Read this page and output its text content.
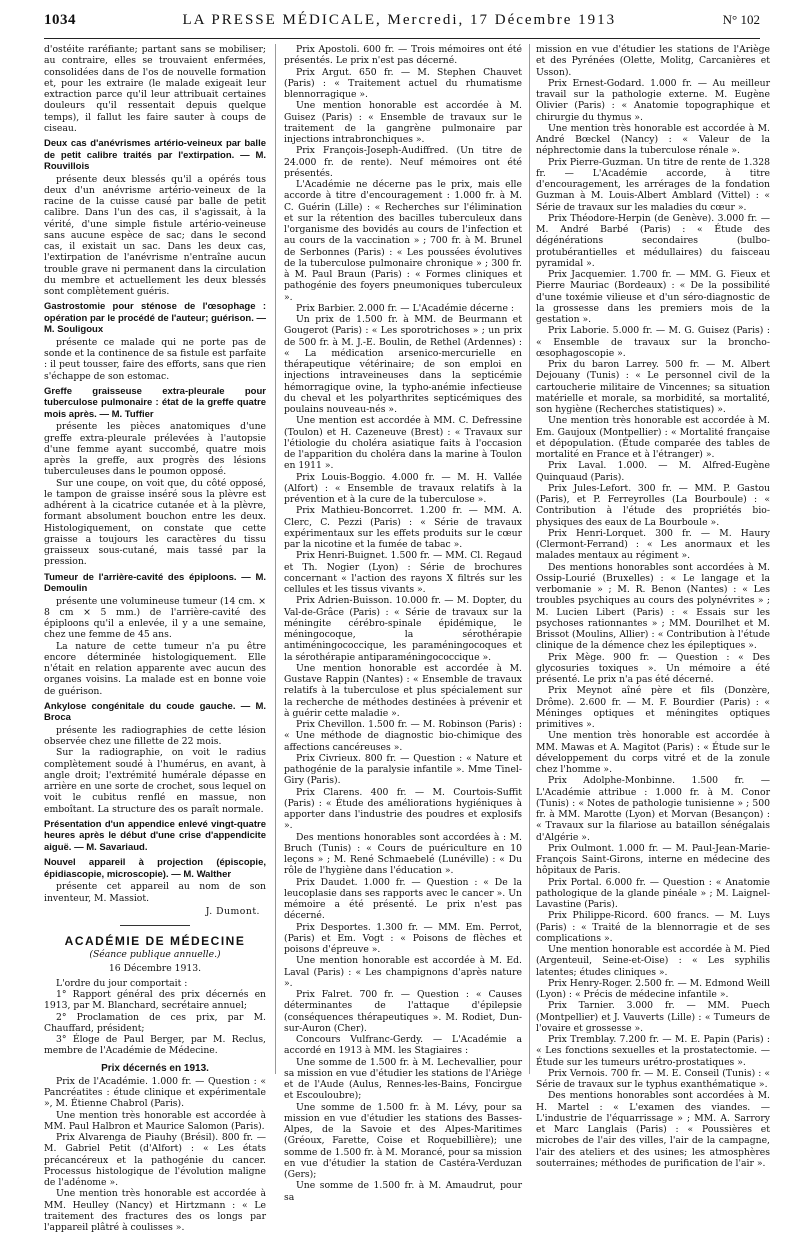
1034	LA PRESSE MÉDICALE, Mercredi, 17 Décembre 1913	N° 102

d'ostéite raréfiante; partant sans se mobiliser; au contraire, elles se trouvaient enfermées, consolidées dans de l'os de nouvelle formation et, pour les extraire (le malade exigeait leur extraction parce qu'il leur attribuait certaines douleurs qu'il ressentait depuis quelque temps), il fallut les faire sauter à coups de ciseau.

Deux cas d'anévrismes artério-veineux par balle de petit calibre traités par l'extirpation. — M. Rouvillois

présente deux blessés qu'il a opérés tous deux d'un anévrisme artério-veineux de la racine de la cuisse causé par balle de petit calibre. Dans l'un des cas, il s'agissait, à la vérité, d'une simple fistule artério-veineuse sans aucune espèce de sac; dans le second cas, il existait un sac. Dans les deux cas, l'extirpation de l'anévrisme n'entraîne aucun trouble grave ni permanent dans la circulation du membre et actuellement les deux blessés sont complètement guéris.

Gastrostomie pour sténose de l'œsophage : opération par le procédé de l'auteur; guérison. — M. Souligoux

présente ce malade qui ne porte pas de sonde et la continence de sa fistule est parfaite : il peut tousser, faire des efforts, sans que rien s'échappe de son estomac.

Greffe graisseuse extra-pleurale pour tuberculose pulmonaire : état de la greffe quatre mois après. — M. Tuffier

présente les pièces anatomiques d'une greffe extra-pleurale prélevées à l'autopsie d'une femme ayant succombé, quatre mois après la greffe, aux progrès des lésions tuberculeuses dans le poumon opposé.

Sur une coupe, on voit que, du côté opposé, le tampon de graisse inséré sous la plèvre est adhérent à la cicatrice cutanée et à la plèvre, formant absolument bouchon entre les deux. Histologiquement, on constate que cette graisse a toujours les caractères du tissu graisseux sous-cutané, mais tassé par la pression.

Tumeur de l'arrière-cavité des épiploons. — M. Demoulin

présente une volumineuse tumeur (14 cm. × 8 cm × 5 mm.) de l'arrière-cavité des épiploons qu'il a enlevée, il y a une semaine, chez une femme de 45 ans.

La nature de cette tumeur n'a pu être encore déterminée histologiquement. Elle n'était en relation apparente avec aucun des organes voisins. La malade est en bonne voie de guérison.

Ankylose congénitale du coude gauche. — M. Broca

présente les radiographies de cette lésion observée chez une fillette de 22 mois.

Sur la radiographie, on voit le radius complètement soudé à l'humérus, en avant, à angle droit; l'extrémité humérale dépasse en arrière en une sorte de crochet, sous lequel on voit le cubitus renflé en massue, non emboîtant. La structure des os paraît normale.

Présentation d'un appendice enlevé vingt-quatre heures après le début d'une crise d'appendicite aiguë. — M. Savariaud.

Nouvel appareil à projection (épiscopie, épidiascopie, microscopie). — M. Walther

présente cet appareil au nom de son inventeur, M. Massiot.

J. Dumont.

ACADÉMIE DE MÉDECINE

(Séance publique annuelle.)

16 Décembre 1913.

L'ordre du jour comportait :

1° Rapport général des prix décernés en 1913, par M. Blanchard, secrétaire annuel;

2° Proclamation de ces prix, par M. Chauffard, président;

3° Éloge de Paul Berger, par M. Reclus, membre de l'Académie de Médecine.

Prix décernés en 1913.

Prix de l'Académie. 1.000 fr. — Question : « Pancréatites : étude clinique et expérimentale », M. Étienne Chabrol (Paris).

Une mention très honorable est accordée à MM. Paul Halbron et Maurice Salomon (Paris).

Prix Alvarenga de Piauhy (Brésil). 800 fr. — M. Gabriel Petit (d'Alfort) : « Les états précancéreux et la pathogénie du cancer. Processus histologique de l'évolution maligne de l'adénome ».

Une mention très honorable est accordée à MM. Heulley (Nancy) et Hirtzmann : « Le traitement des fractures des os longs par l'appareil plâtré à coulisses ».

Prix Apostoli. 600 fr. — Trois mémoires ont été présentés. Le prix n'est pas décerné.

Prix Argut. 650 fr. — M. Stephen Chauvet (Paris) : « Traitement actuel du rhumatisme blennorragique ».

Une mention honorable est accordée à M. Guisez (Paris) : « Ensemble de travaux sur le traitement de la gangrène pulmonaire par injections intrabronchiques ».

Prix François-Joseph-Audiffred. (Un titre de 24.000 fr. de rente). Neuf mémoires ont été présentés.

L'Académie ne décerne pas le prix, mais elle accorde à titre d'encouragement : 1.000 fr. à M. C. Guérin (Lille) : « Recherches sur l'élimination et sur la rétention des bacilles tuberculeux dans l'organisme des bovidés au cours de l'infection et au cours de la vaccination » ; 700 fr. à M. Brunel de Serbonnes (Paris) : « Les poussées évolutives de la tuberculose pulmonaire chronique » ; 300 fr. à M. Paul Braun (Paris) : « Formes cliniques et pathogénie des foyers pneumoniques tuberculeux ».

Prix Barbier. 2.000 fr. — L'Académie décerne :

Un prix de 1.500 fr. à MM. de Beurmann et Gougerot (Paris) : « Les sporotrichoses » ; un prix de 500 fr. à M. J.-E. Boulin, de Rethel (Ardennes) : « La médication arsenico-mercurielle en thérapeutique vétérinaire; de son emploi en injections intraveineuses dans la septicémie hémorragique ovine, la typho-anémie infectieuse du cheval et les polyarthrites septicémiques des poulains nouveau-nés ».

Une mention est accordée à MM. C. Defressine (Toulon) et H. Cazeneuve (Brest) : « Travaux sur l'étiologie du choléra asiatique faits à l'occasion de l'apparition du choléra dans la marine à Toulon en 1911 ».

Prix Louis-Boggio. 4.000 fr. — M. H. Vallée (Alfort) : « Ensemble de travaux relatifs à la prévention et à la cure de la tuberculose ».

Prix Mathieu-Boncorret. 1.200 fr. — MM. A. Clerc, C. Pezzi (Paris) : « Série de travaux expérimentaux sur les effets produits sur le cœur par la nicotine et la fumée de tabac ».

Prix Henri-Buignet. 1.500 fr. — MM. Cl. Regaud et Th. Nogier (Lyon) : Série de brochures concernant « l'action des rayons X filtrés sur les cellules et les tissus vivants ».

Prix Adrien-Buisson. 10.000 fr. — M. Dopter, du Val-de-Grâce (Paris) : « Série de travaux sur la méningite cérébro-spinale épidémique, le méningocoque, la sérothérapie antiméningococcique, les paraméningocoques et la sérothérapie antiparaméningococcique ».

Une mention honorable est accordée à M. Gustave Rappin (Nantes) : « Ensemble de travaux relatifs à la tuberculose et plus spécialement sur la recherche de méthodes destinées à prévenir et à guérir cette maladie ».

Prix Chevillon. 1.500 fr. — M. Robinson (Paris) : « Une méthode de diagnostic bio-chimique des affections cancéreuses ».

Prix Civrieux. 800 fr. — Question : « Nature et pathogénie de la paralysie infantile ». Mme Tinel-Giry (Paris).

Prix Clarens. 400 fr. — M. Courtois-Suffit (Paris) : « Étude des améliorations hygiéniques à apporter dans l'industrie des poudres et explosifs ».

Des mentions honorables sont accordées à : M. Bruch (Tunis) : « Cours de puériculture en 10 leçons » ; M. René Schmaebelé (Lunéville) : « Du rôle de l'hygiène dans l'éducation ».

Prix Daudet. 1.000 fr. — Question : « De la leucoplasie dans ses rapports avec le cancer ». Un mémoire a été présenté. Le prix n'est pas décerné.

Prix Desportes. 1.300 fr. — MM. Em. Perrot, (Paris) et Em. Vogt : « Poisons de flèches et poisons d'épreuve ».

Une mention honorable est accordée à M. Ed. Laval (Paris) : « Les champignons d'après nature ».

Prix Falret. 700 fr. — Question : « Causes déterminantes de l'attaque d'épilepsie (conséquences thérapeutiques ». M. Rodiet, Dun-sur-Auron (Cher).

Concours Vulfranc-Gerdy. — L'Académie a accordé en 1913 à MM. les Stagiaires :

Une somme de 1.500 fr. à M. Lechevallier, pour sa mission en vue d'étudier les stations de l'Ariège et de l'Aude (Aulus, Rennes-les-Bains, Foncirgue et Escouloubre);

Une somme de 1.500 fr. à M. Lévy, pour sa mission en vue d'étudier les stations des Basses-Alpes, de la Savoie et des Alpes-Maritimes (Gréoux, Farette, Coise et Roquebillière); une somme de 1.500 fr. à M. Morancé, pour sa mission en vue d'étudier la station de Castéra-Verduzan (Gers);

Une somme de 1.500 fr. à M. Amaudrut, pour sa

mission en vue d'étudier les stations de l'Ariège et des Pyrénées (Olette, Molitg, Carcanières et Usson).

Prix Ernest-Godard. 1.000 fr. — Au meilleur travail sur la pathologie externe. M. Eugène Olivier (Paris) : « Anatomie topographique et chirurgie du thymus ».

Une mention très honorable est accordée à M. André Bœckel (Nancy) : « Valeur de la néphrectomie dans la tuberculose rénale ».

Prix Pierre-Guzman. Un titre de rente de 1.328 fr. — L'Académie accorde, à titre d'encouragement, les arrérages de la fondation Guzman à M. Louis-Albert Amblard (Vittel) : « Série de travaux sur les maladies du cœur ».

Prix Théodore-Herpin (de Genève). 3.000 fr. — M. André Barbé (Paris) : « Étude des dégénérations secondaires (bulbo-protubérantielles et médullaires) du faisceau pyramidal ».

Prix Jacquemier. 1.700 fr. — MM. G. Fieux et Pierre Mauriac (Bordeaux) : « De la possibilité d'une toxémie vilieuse et d'un séro-diagnostic de la grossesse dans les premiers mois de la gestation ».

Prix Laborie. 5.000 fr. — M. G. Guisez (Paris) : « Ensemble de travaux sur la broncho-œsophagoscopie ».

Prix du baron Larrey. 500 fr. — M. Albert Dejouany (Tunis) : « Le personnel civil de la cartoucherie militaire de Vincennes; sa situation matérielle et morale, sa morbidité, sa mortalité, son hygiène (Recherches statistiques) ».

Une mention très honorable est accordée à M. Em. Gaujoux (Montpellier) : « Mortalité française et dépopulation. (Étude comparée des tables de mortalité en France et à l'étranger) ».

Prix Laval. 1.000. — M. Alfred-Eugène Quinquaud (Paris).

Prix Jules-Lefort. 300 fr. — MM. P. Gastou (Paris), et P. Ferreyrolles (La Bourboule) : « Contribution à l'étude des propriétés bio-physiques des eaux de La Bourboule ».

Prix Henri-Lorquet. 300 fr. — M. Haury (Clermont-Ferrand) : « Les anormaux et les malades mentaux au régiment ».

Des mentions honorables sont accordées à M. Ossip-Lourié (Bruxelles) : « Le langage et la verbomanie » ; M. R. Benon (Nantes) : « Les troubles psychiques au cours des polynévrites » ; M. Lucien Libert (Paris) : « Essais sur les psychoses rationnantes » ; MM. Dourilhet et M. Brissot (Moulins, Allier) : « Contribution à l'étude clinique de la démence chez les épileptiques ».

Prix Mège. 900 fr. — Question : « Des glycosuries toxiques ». Un mémoire a été présenté. Le prix n'a pas été décerné.

Prix Meynot aîné père et fils (Donzère, Drôme). 2.600 fr. — M. F. Bourdier (Paris) : « Méninges optiques et méningites optiques primitives ».

Une mention très honorable est accordée à MM. Mawas et A. Magitot (Paris) : « Étude sur le développement du corps vitré et de la zonule chez l'homme ».

Prix Adolphe-Monbinne. 1.500 fr. — L'Académie attribue : 1.000 fr. à M. Conor (Tunis) : « Notes de pathologie tunisienne » ; 500 fr. à MM. Marotte (Lyon) et Morvan (Besançon) : « Travaux sur la filariose au bataillon sénégalais d'Algérie ».

Prix Oulmont. 1.000 fr. — M. Paul-Jean-Marie-François Saint-Girons, interne en médecine des hôpitaux de Paris.

Prix Portal. 6.000 fr. — Question : « Anatomie pathologique de la glande pinéale » ; M. Laignel-Lavastine (Paris).

Prix Philippe-Ricord. 600 francs. — M. Luys (Paris) : « Traité de la blennorragie et de ses complications ».

Une mention honorable est accordée à M. Pied (Argenteuil, Seine-et-Oise) : « Les syphilis latentes; études cliniques ».

Prix Henry-Roger. 2.500 fr. — M. Edmond Weill (Lyon) : « Précis de médecine infantile ».

Prix Tarnier. 3.000 fr. — MM. Puech (Montpellier) et J. Vauverts (Lille) : « Tumeurs de l'ovaire et grossesse ».

Prix Tremblay. 7.200 fr. — M. E. Papin (Paris) : « Les fonctions sexuelles et la prostatectomie. — Étude sur les tumeurs urétro-prostatiques ».

Prix Vernois. 700 fr. — M. E. Conseil (Tunis) : « Série de travaux sur le typhus exanthématique ».

Des mentions honorables sont accordées à M. H. Martel : « L'examen des viandes. — L'industrie de l'équarrissage » ; MM. A. Sarrory et Marc Langlais (Paris) : « Poussières et microbes de l'air des villes, l'air de la campagne, l'air des ateliers et des usines; les atmosphères souterraines; méthodes de purification de l'air ».
